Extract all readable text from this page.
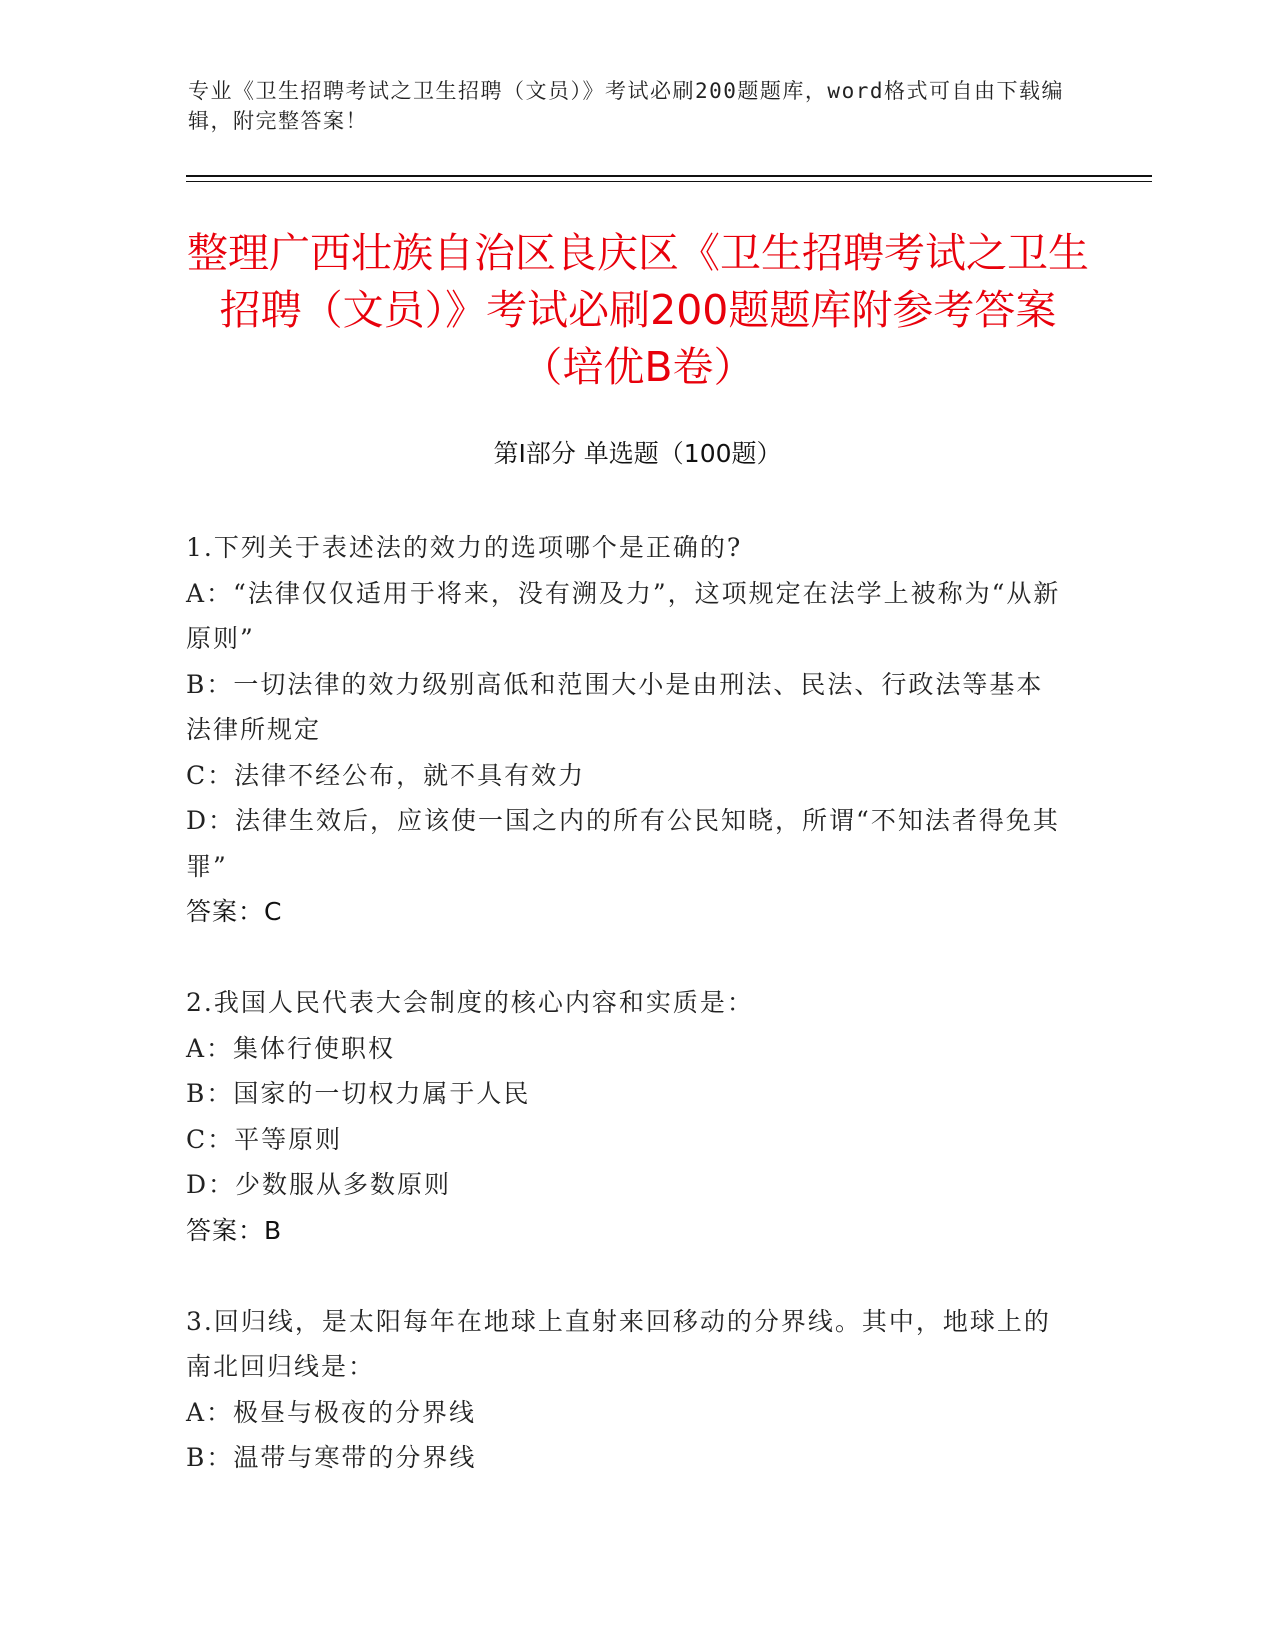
专业《卫生招聘考试之卫生招聘（文员）》考试必刷200题题库，word格式可自由下载编辑，附完整答案！
整理广西壮族自治区良庆区《卫生招聘考试之卫生招聘（文员）》考试必刷200题题库附参考答案（培优B卷）
第Ⅰ部分 单选题（100题）

1.下列关于表述法的效力的选项哪个是正确的?

A：“法律仅仅适用于将来，没有溯及力”，这项规定在法学上被称为“从新原则”

B：一切法律的效力级别高低和范围大小是由刑法、民法、行政法等基本法律所规定

C：法律不经公布，就不具有效力

D：法律生效后，应该使一国之内的所有公民知晓，所谓“不知法者得免其罪”

答案：C

2.我国人民代表大会制度的核心内容和实质是：

A：集体行使职权

B：国家的一切权力属于人民

C：平等原则

D：少数服从多数原则

答案：B

3.回归线，是太阳每年在地球上直射来回移动的分界线。其中，地球上的南北回归线是：

A：极昼与极夜的分界线

B：温带与寒带的分界线
